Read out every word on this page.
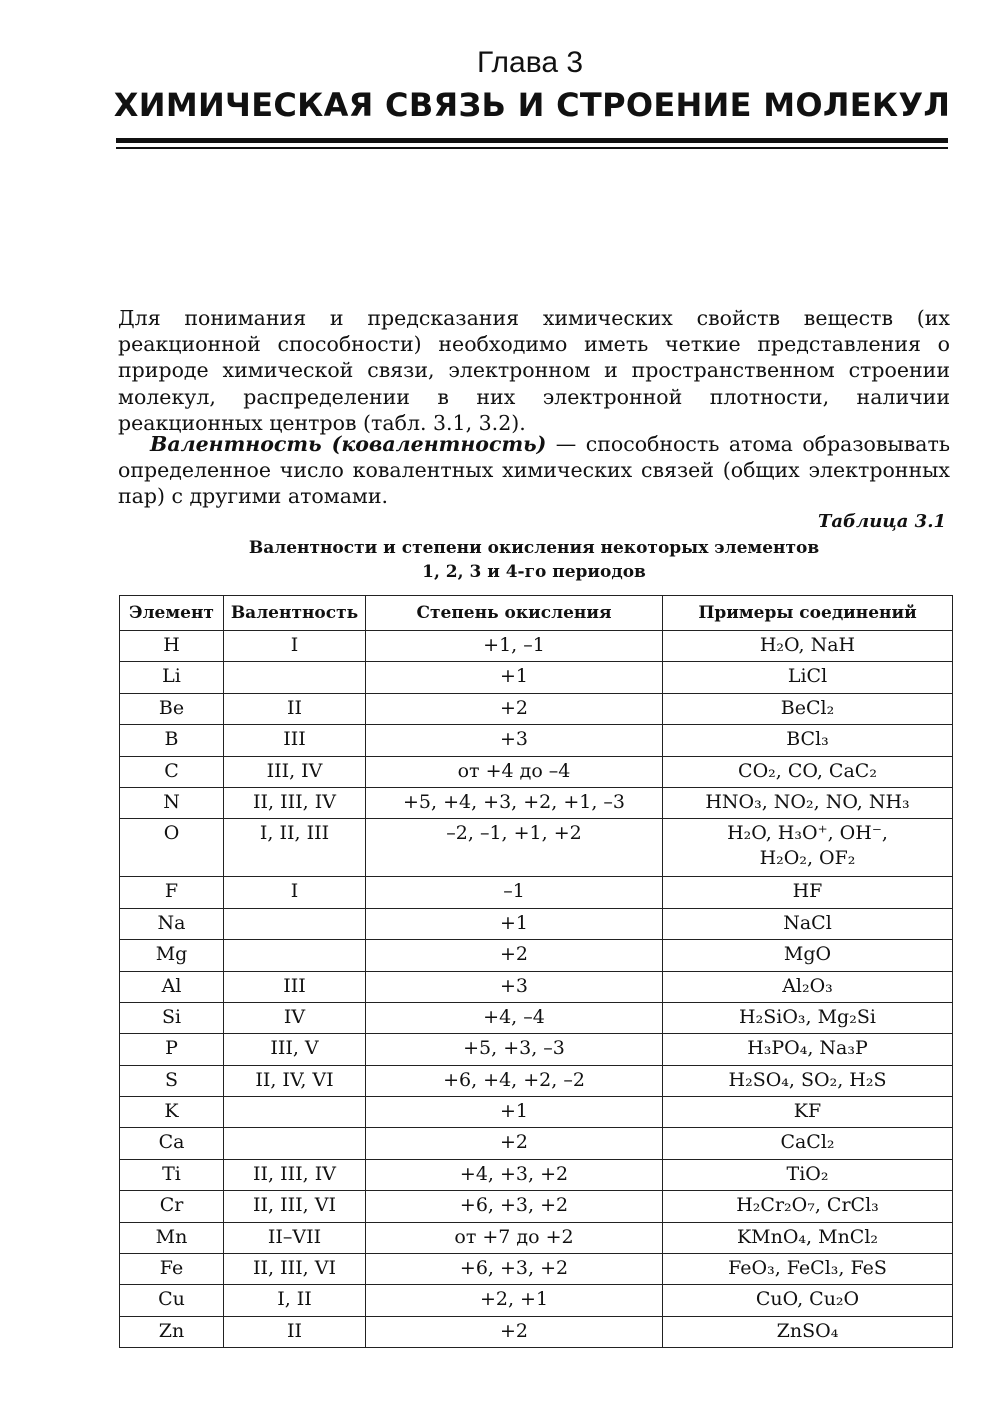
Глава 3
ХИМИЧЕСКАЯ СВЯЗЬ И СТРОЕНИЕ МОЛЕКУЛ

Для понимания и предсказания химических свойств веществ (их реакционной способности) необходимо иметь четкие представления о природе химической связи, электронном и пространственном строении молекул, распределении в них электронной плотности, наличии реакционных центров (табл. 3.1, 3.2).

Валентность (ковалентность) — способность атома образовывать определенное число ковалентных химических связей (общих электронных пар) с другими атомами.

Таблица 3.1
Валентности и степени окисления некоторых элементов
1, 2, 3 и 4-го периодов
Элемент	Валентность	Степень окисления	Примеры соединений
H	I	+1, –1	H₂O, NaH
Li		+1	LiCl
Be	II	+2	BeCl₂
B	III	+3	BCl₃
C	III, IV	от +4 до –4	CO₂, CO, CaC₂
N	II, III, IV	+5, +4, +3, +2, +1, –3	HNO₃, NO₂, NO, NH₃
O	I, II, III	–2, –1, +1, +2	H₂O, H₃O⁺, OH⁻,
H₂O₂, OF₂
F	I	–1	HF
Na		+1	NaCl
Mg		+2	MgO
Al	III	+3	Al₂O₃
Si	IV	+4, –4	H₂SiO₃, Mg₂Si
P	III, V	+5, +3, –3	H₃PO₄, Na₃P
S	II, IV, VI	+6, +4, +2, –2	H₂SO₄, SO₂, H₂S
K		+1	KF
Ca		+2	CaCl₂
Ti	II, III, IV	+4, +3, +2	TiO₂
Cr	II, III, VI	+6, +3, +2	H₂Cr₂O₇, CrCl₃
Mn	II–VII	от +7 до +2	KMnO₄, MnCl₂
Fe	II, III, VI	+6, +3, +2	FeO₃, FeCl₃, FeS
Cu	I, II	+2, +1	CuO, Cu₂O
Zn	II	+2	ZnSO₄
